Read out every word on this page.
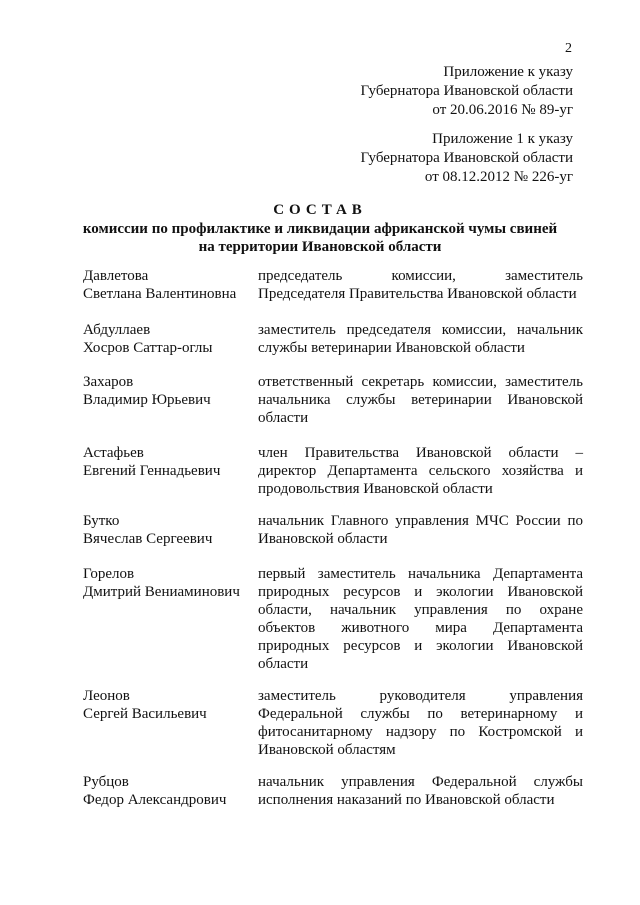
2
Приложение к указу
Губернатора Ивановской области
от 20.06.2016 № 89-уг
Приложение 1 к указу
Губернатора Ивановской области
от 08.12.2012 № 226-уг
СОСТАВ
комиссии по профилактике и ликвидации африканской чумы свиней
на территории Ивановской области
Давлетова
Светлана Валентиновна
председатель комиссии, заместитель Председателя Правительства Ивановской области
Абдуллаев
Хосров Саттар-оглы
заместитель председателя комиссии, начальник службы ветеринарии Ивановской области
Захаров
Владимир Юрьевич
ответственный секретарь комиссии, заместитель начальника службы ветеринарии Ивановской области
Астафьев
Евгений Геннадьевич
член Правительства Ивановской области – директор Департамента сельского хозяйства и продовольствия Ивановской области
Бутко
Вячеслав Сергеевич
начальник Главного управления МЧС России по Ивановской области
Горелов
Дмитрий Вениаминович
первый заместитель начальника Департамента природных ресурсов и экологии Ивановской области, начальник управления по охране объектов животного мира Департамента природных ресурсов и экологии Ивановской области
Леонов
Сергей Васильевич
заместитель руководителя управления Федеральной службы по ветеринарному и фитосанитарному надзору по Костромской и Ивановской областям
Рубцов
Федор Александрович
начальник управления Федеральной службы исполнения наказаний по Ивановской области
